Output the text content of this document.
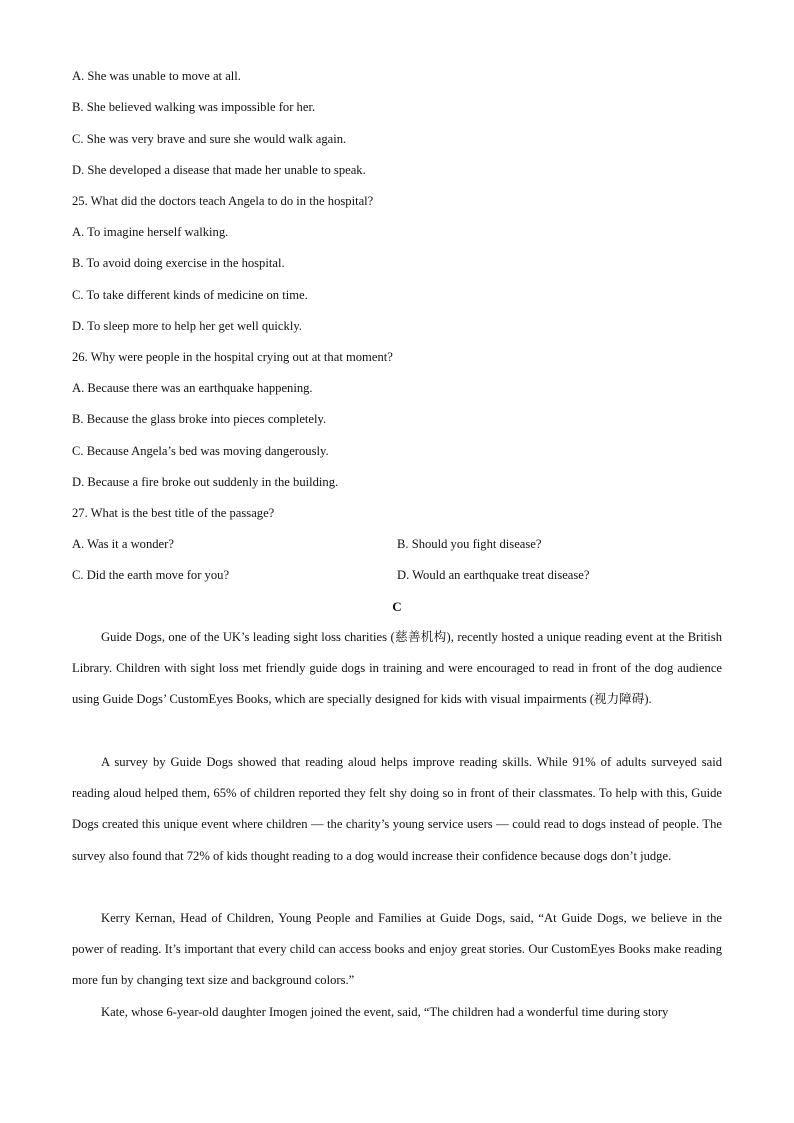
A. She was unable to move at all.
B. She believed walking was impossible for her.
C. She was very brave and sure she would walk again.
D. She developed a disease that made her unable to speak.
25. What did the doctors teach Angela to do in the hospital?
A. To imagine herself walking.
B. To avoid doing exercise in the hospital.
C. To take different kinds of medicine on time.
D. To sleep more to help her get well quickly.
26. Why were people in the hospital crying out at that moment?
A. Because there was an earthquake happening.
B. Because the glass broke into pieces completely.
C. Because Angela’s bed was moving dangerously.
D. Because a fire broke out suddenly in the building.
27. What is the best title of the passage?
A. Was it a wonder?	B. Should you fight disease?
C. Did the earth move for you?	D. Would an earthquake treat disease?
C

Guide Dogs, one of the UK’s leading sight loss charities (慈善机构), recently hosted a unique reading event at the British Library. Children with sight loss met friendly guide dogs in training and were encouraged to read in front of the dog audience using Guide Dogs’ CustomEyes Books, which are specially designed for kids with visual impairments (视力障碍).

A survey by Guide Dogs showed that reading aloud helps improve reading skills. While 91% of adults surveyed said reading aloud helped them, 65% of children reported they felt shy doing so in front of their classmates. To help with this, Guide Dogs created this unique event where children — the charity’s young service users — could read to dogs instead of people. The survey also found that 72% of kids thought reading to a dog would increase their confidence because dogs don’t judge.

Kerry Kernan, Head of Children, Young People and Families at Guide Dogs, said, “At Guide Dogs, we believe in the power of reading. It’s important that every child can access books and enjoy great stories. Our CustomEyes Books make reading more fun by changing text size and background colors.”

Kate, whose 6-year-old daughter Imogen joined the event, said, “The children had a wonderful time during story
